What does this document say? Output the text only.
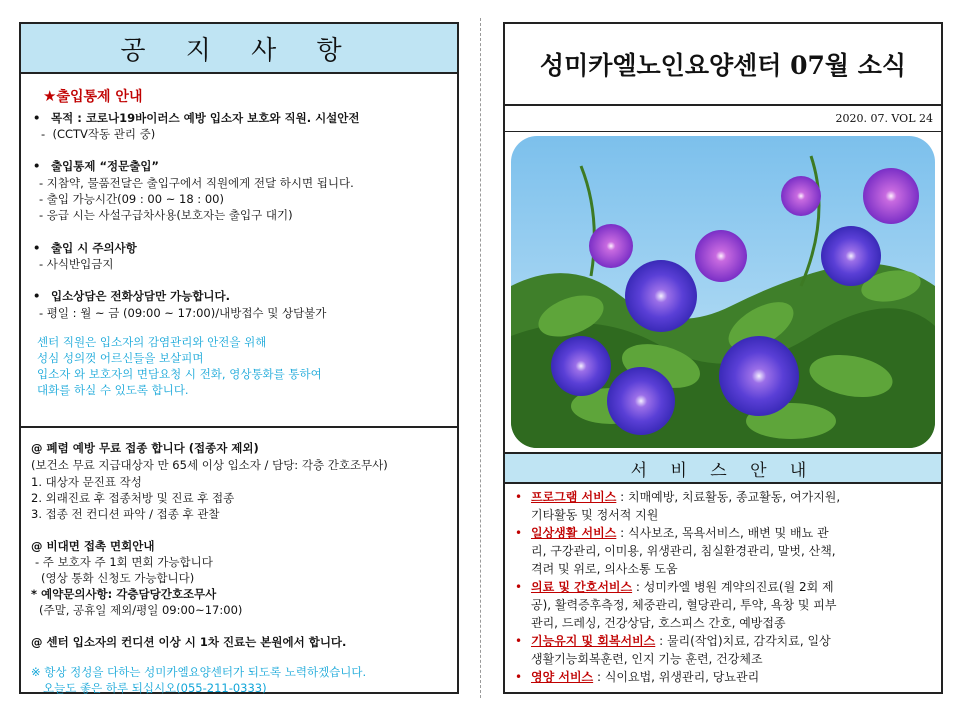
공 지 사 항
★출입통제 안내
• 목적 : 코로나19바이러스 예방 입소자 보호와 직원. 시설안전
-  (CCTV작동 관리 중)
• 출입통제 “정문출입”
- 지참약, 물품전달은 출입구에서 직원에게 전달 하시면 됩니다.
- 출입 가능시간(09 : 00 ~ 18 : 00)
- 응급 시는 사설구급차사용(보호자는 출입구 대기)
• 출입 시 주의사항
- 사식반입금지
• 입소상담은 전화상담만 가능합니다.
- 평일 : 월 ~ 금 (09:00 ~ 17:00)/내방접수 및 상담불가
센터 직원은 입소자의 감염관리와 안전을 위해
성심 성의껏 어르신들을 보살피며
입소자 와 보호자의 면담요청 시 전화, 영상통화를 통하여
대화를 하실 수 있도록 합니다.
@ 폐렴 예방 무료 접종 합니다 (접종자 제외)
(보건소 무료 지급대상자 만 65세 이상 입소자 / 담당: 각층 간호조무사)
1. 대상자 문진표 작성
2. 외래진료 후 접종처방 및 진료 후 접종
3. 접종 전 컨디션 파악 / 접종 후 관찰
@ 비대면 접촉 면회안내
- 주 보호자 주 1회 면회 가능합니다
(영상 통화 신청도 가능합니다)
* 예약문의사항: 각층담당간호조무사
(주말, 공휴일 제외/평일 09:00~17:00)
@ 센터 입소자의 컨디션 이상 시 1차 진료는 본원에서 합니다.
※ 항상 정성을 다하는 성미카엘요양센터가 되도록 노력하겠습니다.
오늘도 좋은 하루 되십시오(055-211-0333)
성미카엘노인요양센터 07월 소식
2020. 07. VOL 24
서 비 스 안 내
• 프로그램 서비스 : 치매예방, 치료활동, 종교활동, 여가지원,
기타활동 및 정서적 지원
• 일상생활 서비스 : 식사보조, 목욕서비스, 배변 및 배뇨 관
리, 구강관리, 이미용, 위생관리, 침실환경관리, 말벗, 산책,
격려 및 위로, 의사소통 도움
• 의료 및 간호서비스 : 성미카엘 병원 계약의진료(월 2회 제
공), 활력증후측정, 체중관리, 혈당관리, 투약, 욕창 및 피부
관리, 드레싱, 건강상담, 호스피스 간호, 예방접종
• 기능유지 및 회복서비스 : 물리(작업)치료, 감각치료, 일상
생활기능회복훈련, 인지 기능 훈련, 건강체조
• 영양 서비스 : 식이요법, 위생관리, 당뇨관리
